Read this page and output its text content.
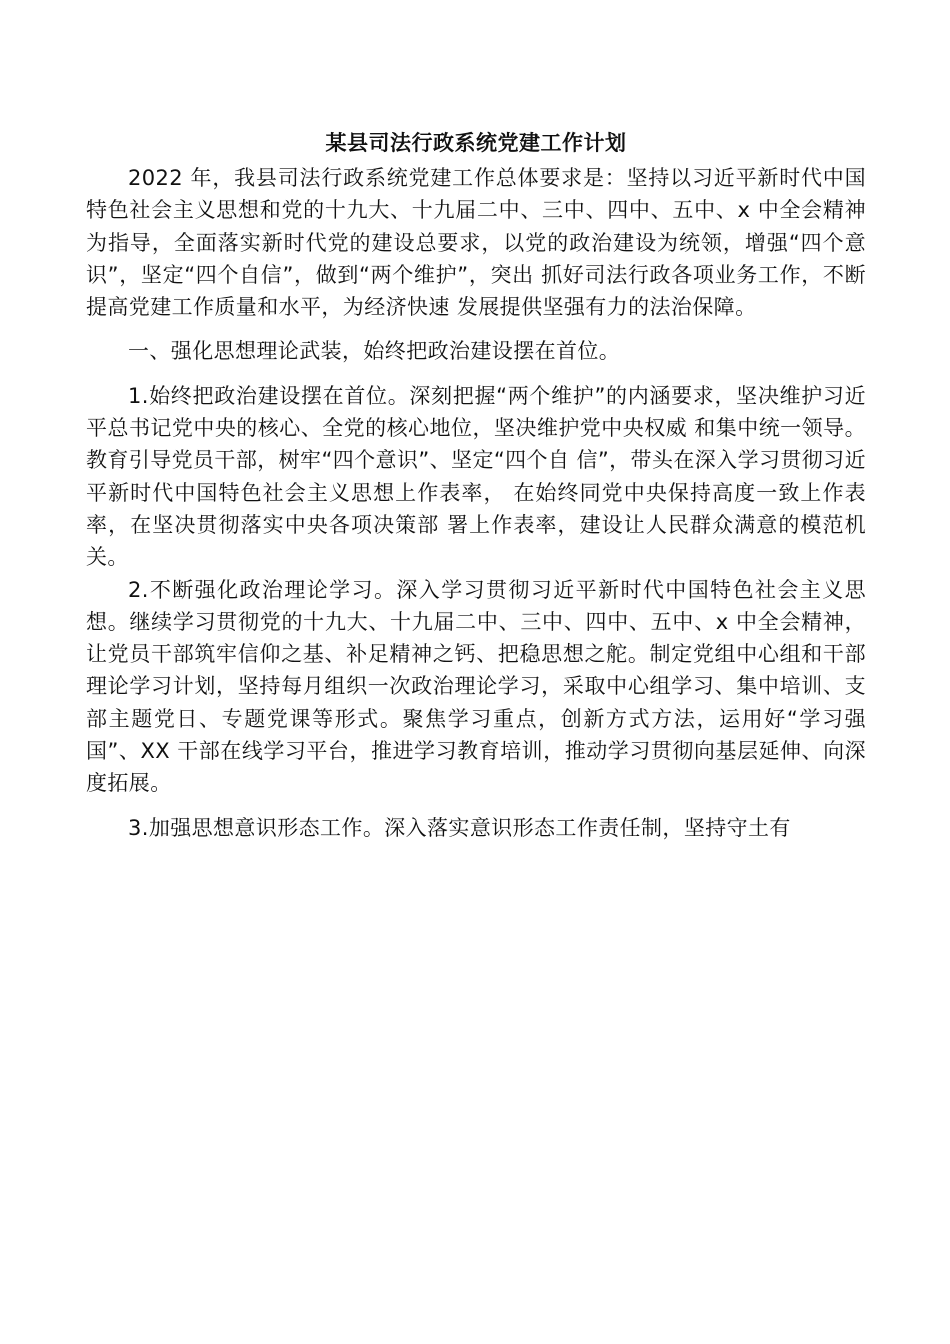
某县司法行政系统党建工作计划

2022 年，我县司法行政系统党建工作总体要求是：坚持以习近平新时代中国特色社会主义思想和党的十九大、十九届二中、三中、四中、五中、x 中全会精神为指导，全面落实新时代党的建设总要求，以党的政治建设为统领，增强“四个意识”，坚定“四个自信”，做到“两个维护”，突出 抓好司法行政各项业务工作，不断提高党建工作质量和水平，为经济快速 发展提供坚强有力的法治保障。

一、强化思想理论武装，始终把政治建设摆在首位。

1.始终把政治建设摆在首位。深刻把握“两个维护”的内涵要求，坚决维护习近平总书记党中央的核心、全党的核心地位，坚决维护党中央权威 和集中统一领导。教育引导党员干部，树牢“四个意识”、坚定“四个自 信”，带头在深入学习贯彻习近平新时代中国特色社会主义思想上作表率， 在始终同党中央保持高度一致上作表率，在坚决贯彻落实中央各项决策部 署上作表率，建设让人民群众满意的模范机关。

2.不断强化政治理论学习。深入学习贯彻习近平新时代中国特色社会主义思想。继续学习贯彻党的十九大、十九届二中、三中、四中、五中、x 中全会精神，让党员干部筑牢信仰之基、补足精神之钙、把稳思想之舵。制定党组中心组和干部理论学习计划，坚持每月组织一次政治理论学习，采取中心组学习、集中培训、支部主题党日、专题党课等形式。聚焦学习重点，创新方式方法，运用好“学习强国”、XX 干部在线学习平台，推进学习教育培训，推动学习贯彻向基层延伸、向深度拓展。

3.加强思想意识形态工作。深入落实意识形态工作责任制，坚持守土有
